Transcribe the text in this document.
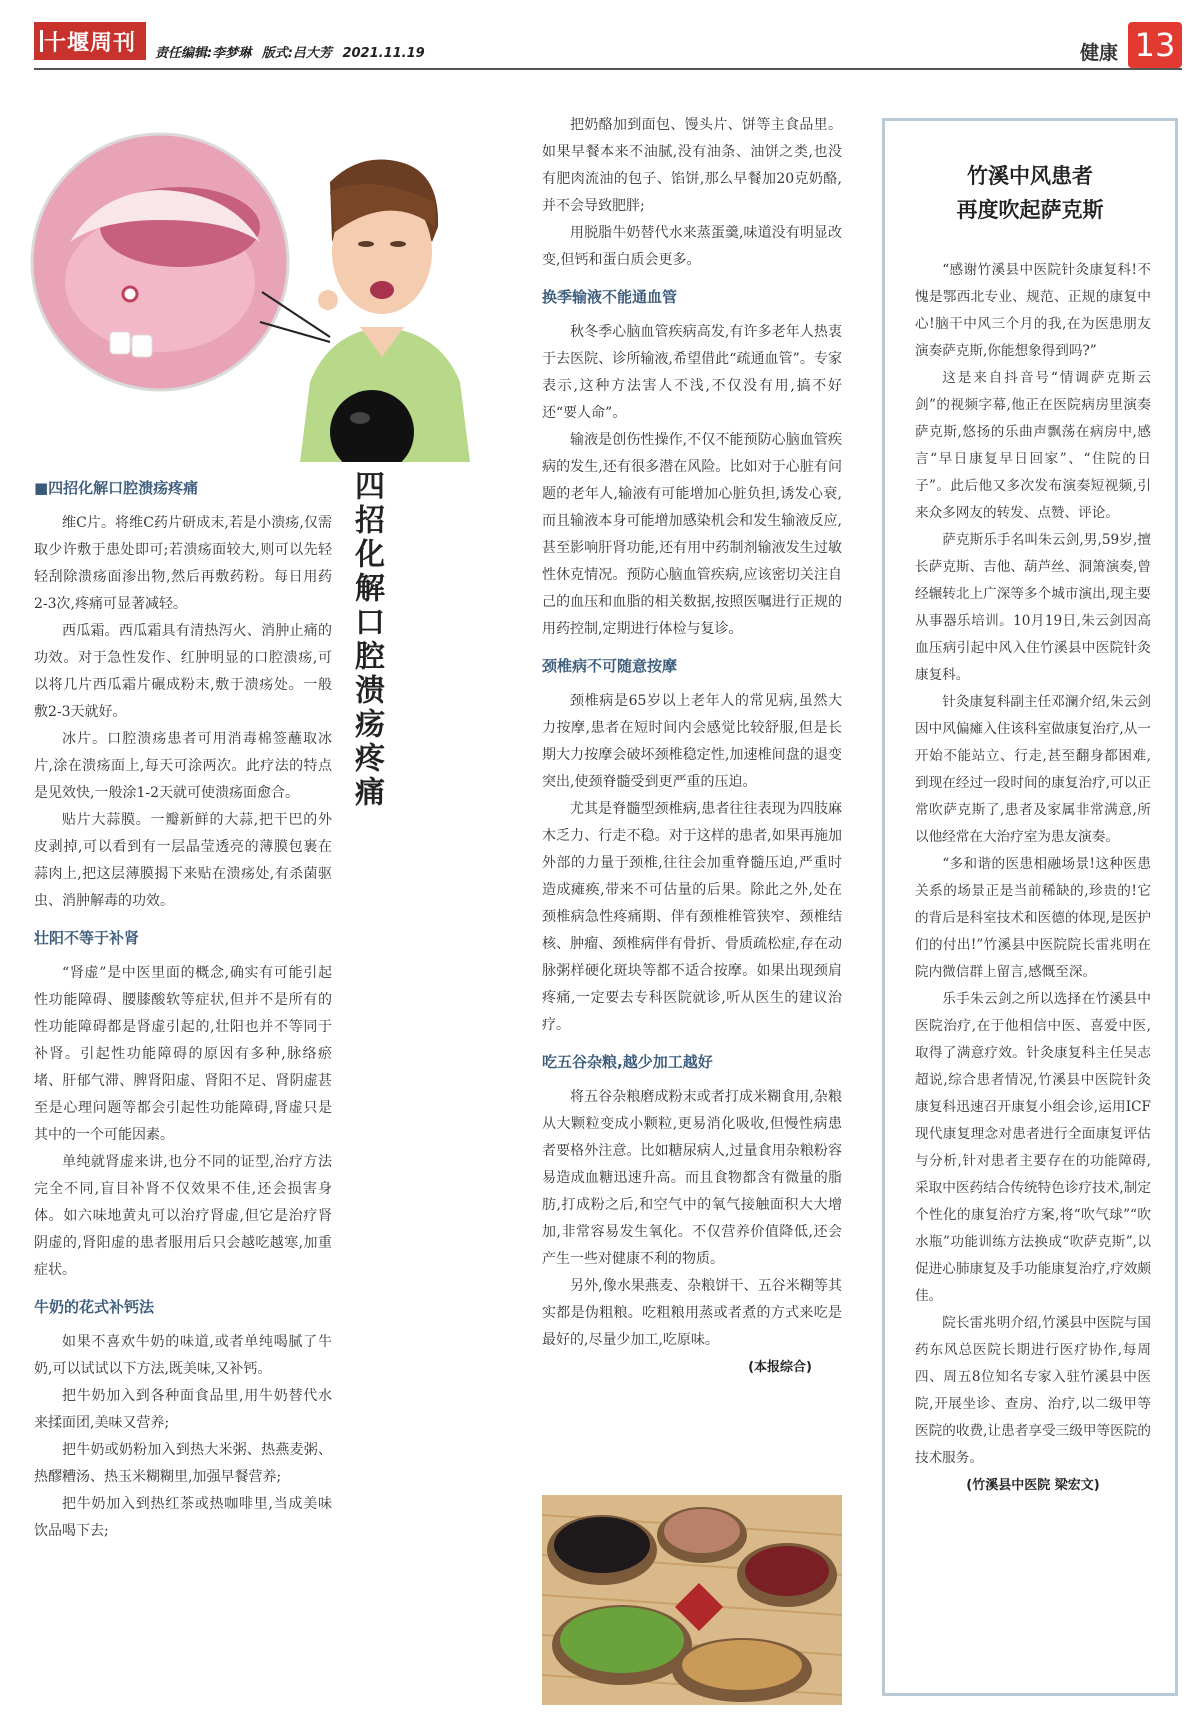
十堰周刊 责任编辑:李梦琳 版式:吕大芳 2021.11.19	健康 13
四招化解口腔溃疡疼痛
■四招化解口腔溃疡疼痛

维C片。将维C药片研成末,若是小溃疡,仅需取少许敷于患处即可;若溃疡面较大,则可以先轻轻刮除溃疡面渗出物,然后再敷药粉。每日用药2-3次,疼痛可显著减轻。

西瓜霜。西瓜霜具有清热泻火、消肿止痛的功效。对于急性发作、红肿明显的口腔溃疡,可以将几片西瓜霜片碾成粉末,敷于溃疡处。一般敷2-3天就好。

冰片。口腔溃疡患者可用消毒棉签蘸取冰片,涂在溃疡面上,每天可涂两次。此疗法的特点是见效快,一般涂1-2天就可使溃疡面愈合。

贴片大蒜膜。一瓣新鲜的大蒜,把干巴的外皮剥掉,可以看到有一层晶莹透亮的薄膜包裹在蒜肉上,把这层薄膜揭下来贴在溃疡处,有杀菌驱虫、消肿解毒的功效。

壮阳不等于补肾

“肾虚”是中医里面的概念,确实有可能引起性功能障碍、腰膝酸软等症状,但并不是所有的性功能障碍都是肾虚引起的,壮阳也并不等同于补肾。引起性功能障碍的原因有多种,脉络瘀堵、肝郁气滞、脾肾阳虚、肾阳不足、肾阴虚甚至是心理问题等都会引起性功能障碍,肾虚只是其中的一个可能因素。

单纯就肾虚来讲,也分不同的证型,治疗方法完全不同,盲目补肾不仅效果不佳,还会损害身体。如六味地黄丸可以治疗肾虚,但它是治疗肾阴虚的,肾阳虚的患者服用后只会越吃越寒,加重症状。

牛奶的花式补钙法

如果不喜欢牛奶的味道,或者单纯喝腻了牛奶,可以试试以下方法,既美味,又补钙。

把牛奶加入到各种面食品里,用牛奶替代水来揉面团,美味又营养;

把牛奶或奶粉加入到热大米粥、热燕麦粥、热醪糟汤、热玉米糊糊里,加强早餐营养;

把牛奶加入到热红茶或热咖啡里,当成美味饮品喝下去;

把奶酪加到面包、馒头片、饼等主食品里。如果早餐本来不油腻,没有油条、油饼之类,也没有肥肉流油的包子、馅饼,那么早餐加20克奶酪,并不会导致肥胖;

用脱脂牛奶替代水来蒸蛋羹,味道没有明显改变,但钙和蛋白质会更多。

换季输液不能通血管

秋冬季心脑血管疾病高发,有许多老年人热衷于去医院、诊所输液,希望借此“疏通血管”。专家表示,这种方法害人不浅,不仅没有用,搞不好还“要人命”。

输液是创伤性操作,不仅不能预防心脑血管疾病的发生,还有很多潜在风险。比如对于心脏有问题的老年人,输液有可能增加心脏负担,诱发心衰,而且输液本身可能增加感染机会和发生输液反应,甚至影响肝肾功能,还有用中药制剂输液发生过敏性休克情况。预防心脑血管疾病,应该密切关注自己的血压和血脂的相关数据,按照医嘱进行正规的用药控制,定期进行体检与复诊。

颈椎病不可随意按摩

颈椎病是65岁以上老年人的常见病,虽然大力按摩,患者在短时间内会感觉比较舒服,但是长期大力按摩会破坏颈椎稳定性,加速椎间盘的退变突出,使颈脊髓受到更严重的压迫。

尤其是脊髓型颈椎病,患者往往表现为四肢麻木乏力、行走不稳。对于这样的患者,如果再施加外部的力量于颈椎,往往会加重脊髓压迫,严重时造成瘫痪,带来不可估量的后果。除此之外,处在颈椎病急性疼痛期、伴有颈椎椎管狭窄、颈椎结核、肿瘤、颈椎病伴有骨折、骨质疏松症,存在动脉粥样硬化斑块等都不适合按摩。如果出现颈肩疼痛,一定要去专科医院就诊,听从医生的建议治疗。

吃五谷杂粮,越少加工越好

将五谷杂粮磨成粉末或者打成米糊食用,杂粮从大颗粒变成小颗粒,更易消化吸收,但慢性病患者要格外注意。比如糖尿病人,过量食用杂粮粉容易造成血糖迅速升高。而且食物都含有微量的脂肪,打成粉之后,和空气中的氧气接触面积大大增加,非常容易发生氧化。不仅营养价值降低,还会产生一些对健康不利的物质。

另外,像水果燕麦、杂粮饼干、五谷米糊等其实都是伪粗粮。吃粗粮用蒸或者煮的方式来吃是最好的,尽量少加工,吃原味。

(本报综合)

竹溪中风患者
再度吹起萨克斯

“感谢竹溪县中医院针灸康复科!不愧是鄂西北专业、规范、正规的康复中心!脑干中风三个月的我,在为医患朋友演奏萨克斯,你能想象得到吗?”

这是来自抖音号“情调萨克斯云剑”的视频字幕,他正在医院病房里演奏萨克斯,悠扬的乐曲声飘荡在病房中,感言“早日康复早日回家”、“住院的日子”。此后他又多次发布演奏短视频,引来众多网友的转发、点赞、评论。

萨克斯乐手名叫朱云剑,男,59岁,擅长萨克斯、吉他、葫芦丝、洞箫演奏,曾经辗转北上广深等多个城市演出,现主要从事器乐培训。10月19日,朱云剑因高血压病引起中风入住竹溪县中医院针灸康复科。

针灸康复科副主任邓澜介绍,朱云剑因中风偏瘫入住该科室做康复治疗,从一开始不能站立、行走,甚至翻身都困难,到现在经过一段时间的康复治疗,可以正常吹萨克斯了,患者及家属非常满意,所以他经常在大治疗室为患友演奏。

“多和谐的医患相融场景!这种医患关系的场景正是当前稀缺的,珍贵的!它的背后是科室技术和医德的体现,是医护们的付出!”竹溪县中医院院长雷兆明在院内微信群上留言,感慨至深。

乐手朱云剑之所以选择在竹溪县中医院治疗,在于他相信中医、喜爱中医,取得了满意疗效。针灸康复科主任吴志超说,综合患者情况,竹溪县中医院针灸康复科迅速召开康复小组会诊,运用ICF现代康复理念对患者进行全面康复评估与分析,针对患者主要存在的功能障碍,采取中医药结合传统特色诊疗技术,制定个性化的康复治疗方案,将“吹气球”“吹水瓶”功能训练方法换成“吹萨克斯”,以促进心肺康复及手功能康复治疗,疗效颇佳。

院长雷兆明介绍,竹溪县中医院与国药东风总医院长期进行医疗协作,每周四、周五8位知名专家入驻竹溪县中医院,开展坐诊、查房、治疗,以二级甲等医院的收费,让患者享受三级甲等医院的技术服务。

(竹溪县中医院 梁宏文)
